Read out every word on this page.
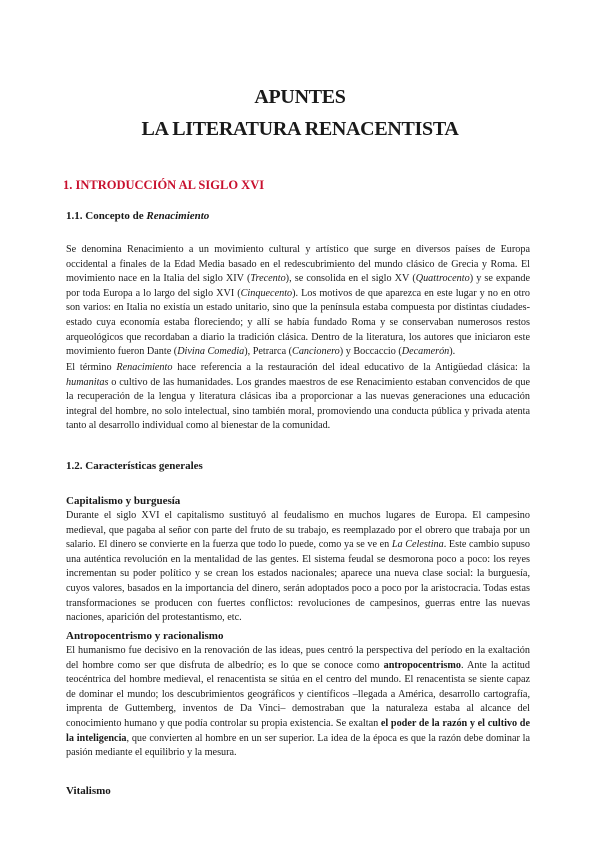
APUNTES
LA LITERATURA RENACENTISTA
1. INTRODUCCIÓN AL SIGLO XVI
1.1. Concepto de Renacimiento

Se denomina Renacimiento a un movimiento cultural y artístico que surge en diversos países de Europa occidental a finales de la Edad Media basado en el redescubrimiento del mundo clásico de Grecia y Roma. El movimiento nace en la Italia del siglo XIV (Trecento), se consolida en el siglo XV (Quattrocento) y se expande por toda Europa a lo largo del siglo XVI (Cinquecento). Los motivos de que aparezca en este lugar y no en otro son varios: en Italia no existía un estado unitario, sino que la península estaba compuesta por distintas ciudades-estado cuya economía estaba floreciendo; y allí se había fundado Roma y se conservaban numerosos restos arqueológicos que recordaban a diario la tradición clásica. Dentro de la literatura, los autores que iniciaron este movimiento fueron Dante (Divina Comedia), Petrarca (Cancionero) y Boccaccio (Decamerón).

El término Renacimiento hace referencia a la restauración del ideal educativo de la Antigüedad clásica: la humanitas o cultivo de las humanidades. Los grandes maestros de ese Renacimiento estaban convencidos de que la recuperación de la lengua y literatura clásicas iba a proporcionar a las nuevas generaciones una educación integral del hombre, no solo intelectual, sino también moral, promoviendo una conducta pública y privada atenta tanto al desarrollo individual como al bienestar de la comunidad.

1.2. Características generales
Capitalismo y burguesía

Durante el siglo XVI el capitalismo sustituyó al feudalismo en muchos lugares de Europa. El campesino medieval, que pagaba al señor con parte del fruto de su trabajo, es reemplazado por el obrero que trabaja por un salario. El dinero se convierte en la fuerza que todo lo puede, como ya se ve en La Celestina. Este cambio supuso una auténtica revolución en la mentalidad de las gentes. El sistema feudal se desmorona poco a poco: los reyes incrementan su poder político y se crean los estados nacionales; aparece una nueva clase social: la burguesía, cuyos valores, basados en la importancia del dinero, serán adoptados poco a poco por la aristocracia. Todas estas transformaciones se producen con fuertes conflictos: revoluciones de campesinos, guerras entre las nuevas naciones, aparición del protestantismo, etc.

Antropocentrismo y racionalismo

El humanismo fue decisivo en la renovación de las ideas, pues centró la perspectiva del período en la exaltación del hombre como ser que disfruta de albedrío; es lo que se conoce como antropocentrismo. Ante la actitud teocéntrica del hombre medieval, el renacentista se sitúa en el centro del mundo. El renacentista se siente capaz de dominar el mundo; los descubrimientos geográficos y científicos –llegada a América, desarrollo cartografía, imprenta de Guttemberg, inventos de Da Vinci– demostraban que la naturaleza estaba al alcance del conocimiento humano y que podía controlar su propia existencia. Se exaltan el poder de la razón y el cultivo de la inteligencia, que convierten al hombre en un ser superior. La idea de la época es que la razón debe dominar la pasión mediante el equilibrio y la mesura.

Vitalismo
